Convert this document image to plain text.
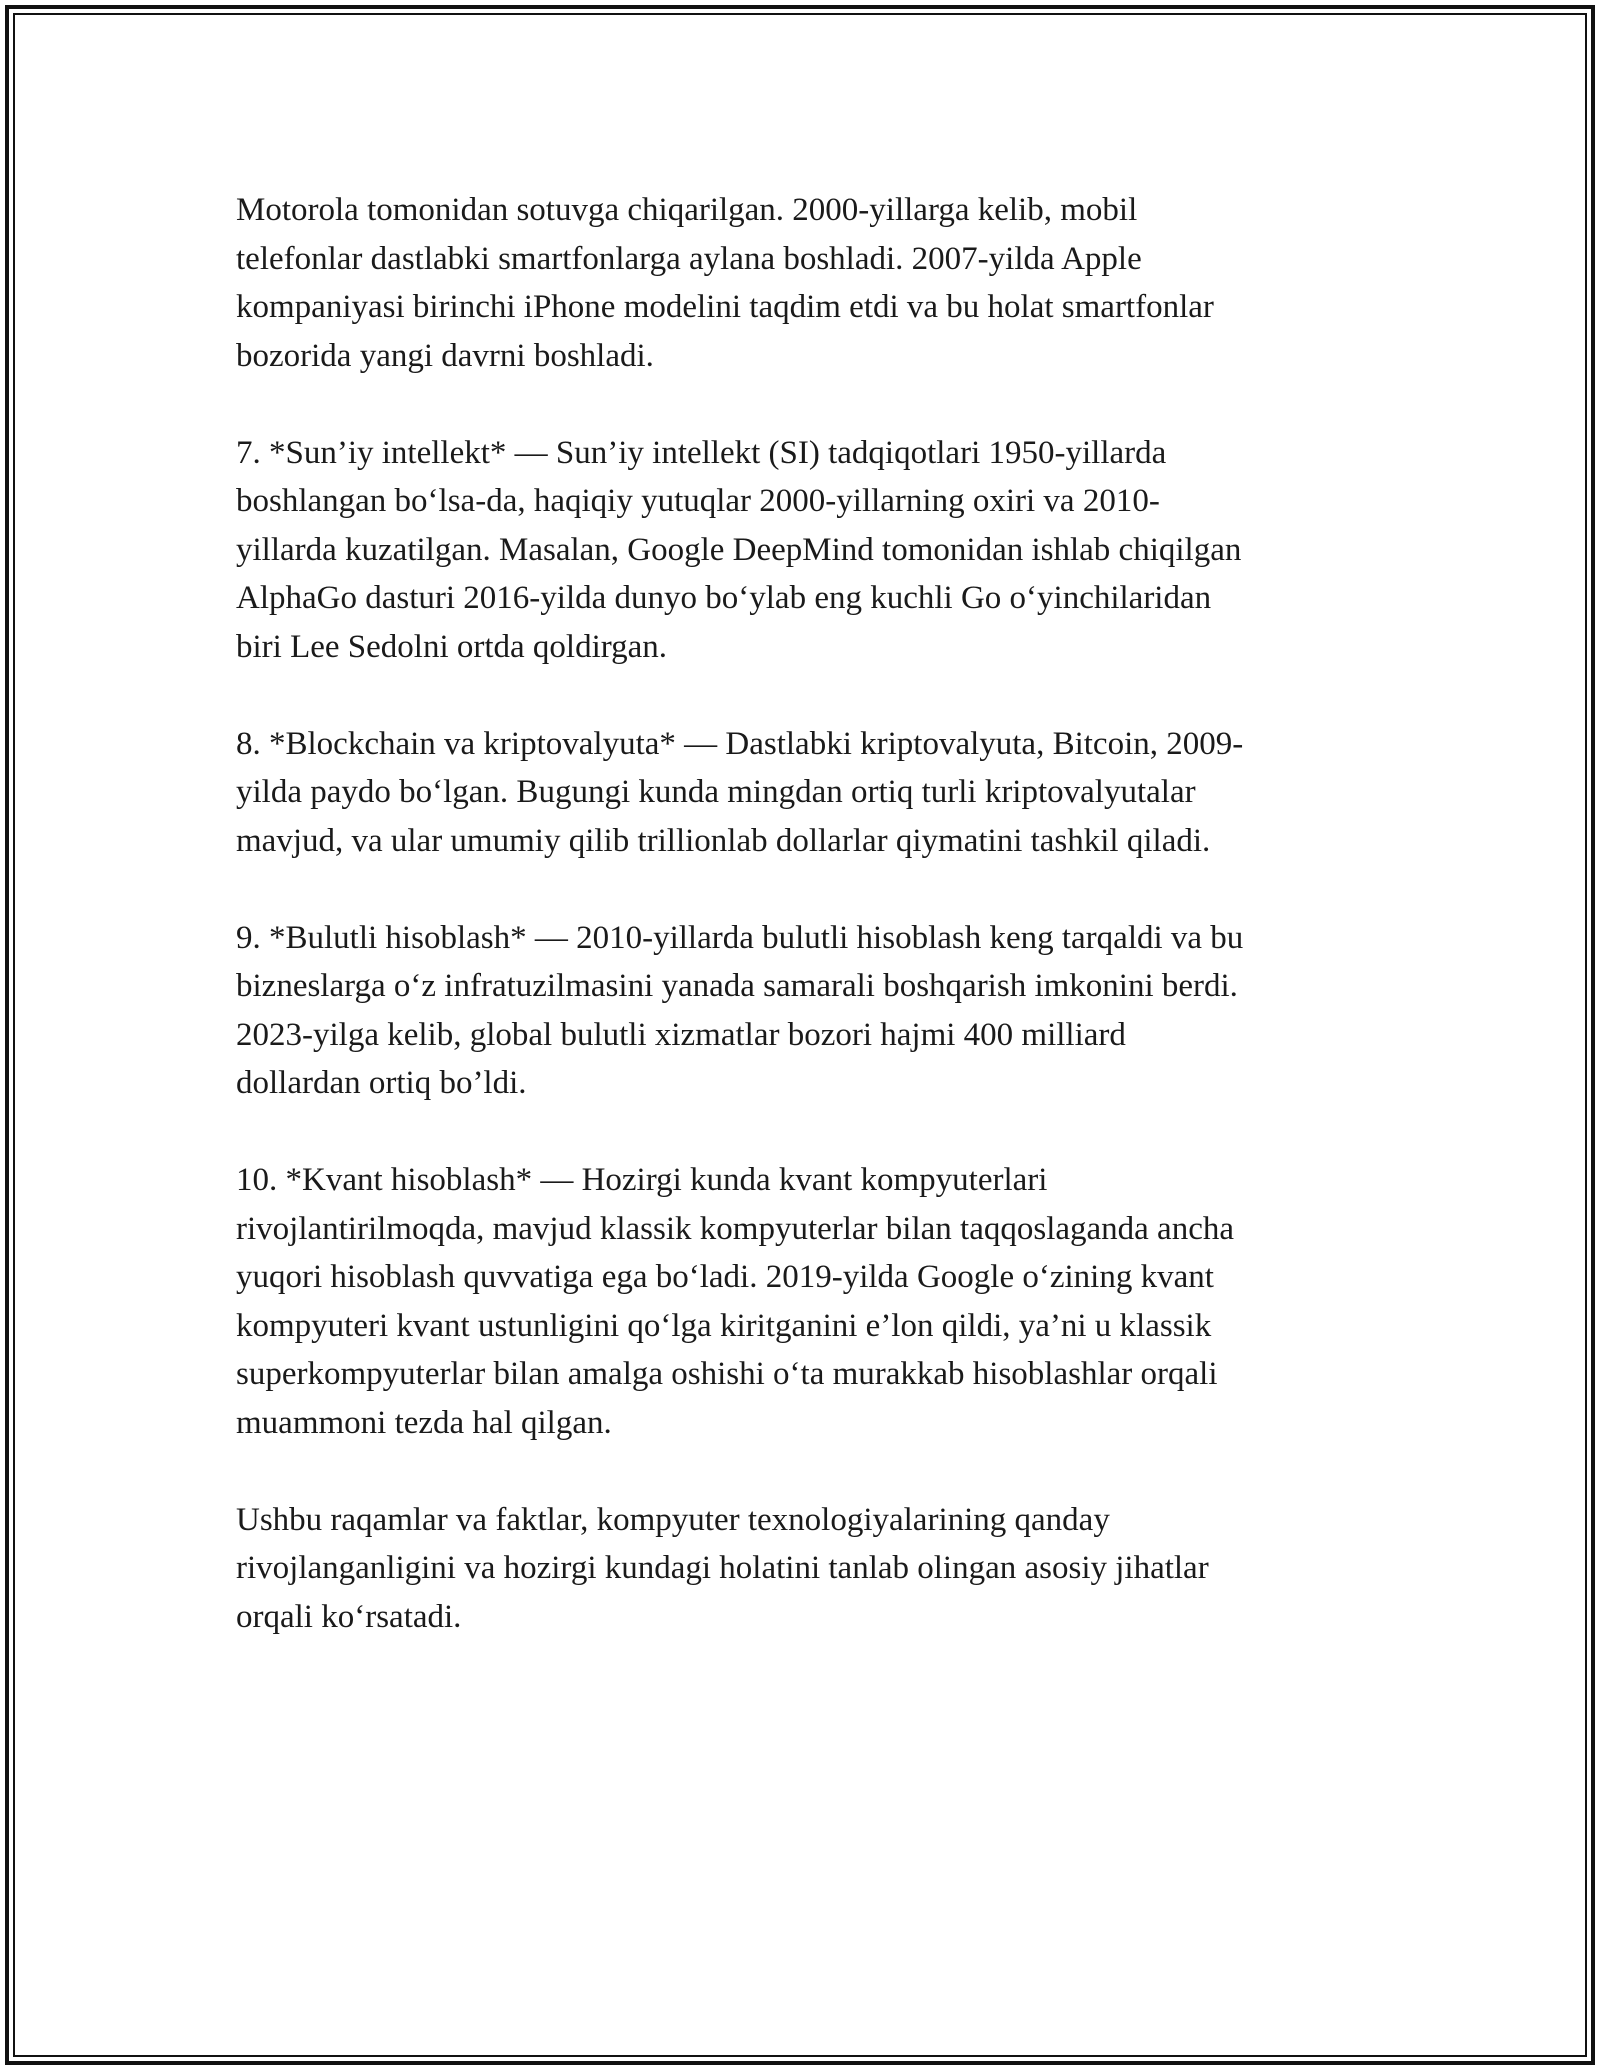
Motorola tomonidan sotuvga chiqarilgan. 2000-yillarga kelib, mobil
telefonlar dastlabki smartfonlarga aylana boshladi. 2007-yilda Apple
kompaniyasi birinchi iPhone modelini taqdim etdi va bu holat smartfonlar
bozorida yangi davrni boshladi.

7. *Sun’iy intellekt* — Sun’iy intellekt (SI) tadqiqotlari 1950-yillarda
boshlangan boʻlsa-da, haqiqiy yutuqlar 2000-yillarning oxiri va 2010-
yillarda kuzatilgan. Masalan, Google DeepMind tomonidan ishlab chiqilgan
AlphaGo dasturi 2016-yilda dunyo boʻylab eng kuchli Go oʻyinchilaridan
biri Lee Sedolni ortda qoldirgan.

8. *Blockchain va kriptovalyuta* — Dastlabki kriptovalyuta, Bitcoin, 2009-
yilda paydo boʻlgan. Bugungi kunda mingdan ortiq turli kriptovalyutalar
mavjud, va ular umumiy qilib trillionlab dollarlar qiymatini tashkil qiladi.

9. *Bulutli hisoblash* — 2010-yillarda bulutli hisoblash keng tarqaldi va bu
bizneslarga oʻz infratuzilmasini yanada samarali boshqarish imkonini berdi.
2023-yilga kelib, global bulutli xizmatlar bozori hajmi 400 milliard
dollardan ortiq bo’ldi.

10. *Kvant hisoblash* — Hozirgi kunda kvant kompyuterlari
rivojlantirilmoqda, mavjud klassik kompyuterlar bilan taqqoslaganda ancha
yuqori hisoblash quvvatiga ega boʻladi. 2019-yilda Google oʻzining kvant
kompyuteri kvant ustunligini qoʻlga kiritganini e’lon qildi, ya’ni u klassik
superkompyuterlar bilan amalga oshishi oʻta murakkab hisoblashlar orqali
muammoni tezda hal qilgan.

Ushbu raqamlar va faktlar, kompyuter texnologiyalarining qanday
rivojlanganligini va hozirgi kundagi holatini tanlab olingan asosiy jihatlar
orqali koʻrsatadi.
